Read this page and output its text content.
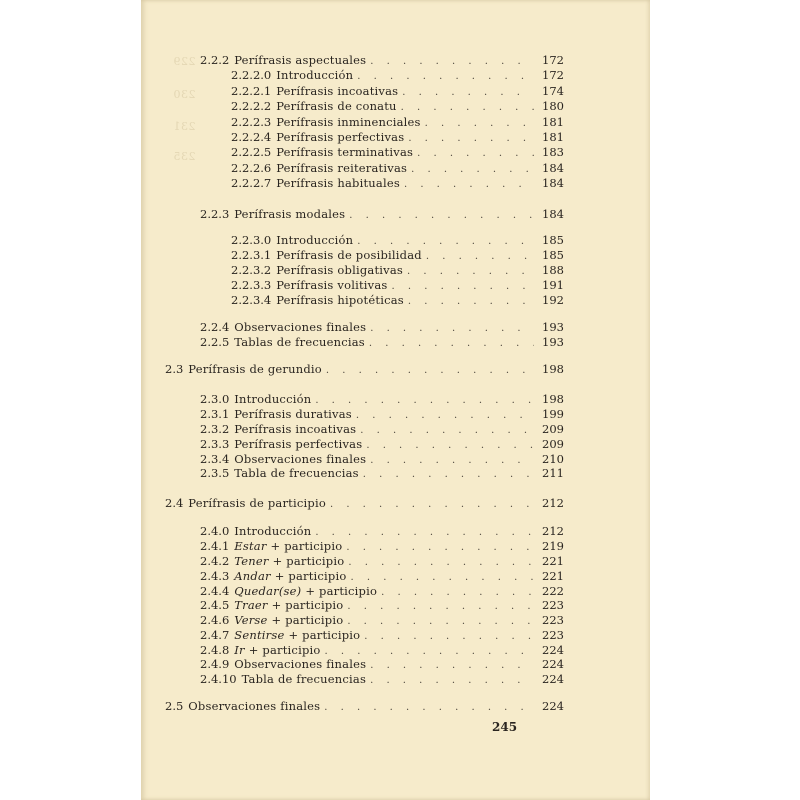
229
230
231
235
2.2.2 Perífrasis aspectuales . . .	172
2.2.2.0 Introducción . . .	172
2.2.2.1 Perífrasis incoativas . . .	174
2.2.2.2 Perífrasis de conatu . . .	180
2.2.2.3 Perífrasis inminenciales . . .	181
2.2.2.4 Perífrasis perfectivas . . .	181
2.2.2.5 Perífrasis terminativas . . .	183
2.2.2.6 Perífrasis reiterativas . . .	184
2.2.2.7 Perífrasis habituales . . .	184
2.2.3 Perífrasis modales . . .	184
2.2.3.0 Introducción . . .	185
2.2.3.1 Perífrasis de posibilidad . . .	185
2.2.3.2 Perífrasis obligativas . . .	188
2.2.3.3 Perífrasis volitivas . . .	191
2.2.3.4 Perífrasis hipotéticas . . .	192
2.2.4 Observaciones finales . . .	193
2.2.5 Tablas de frecuencias . . .	193
2.3 Perífrasis de gerundio . . .	198
2.3.0 Introducción . . .	198
2.3.1 Perífrasis durativas . . .	199
2.3.2 Perífrasis incoativas . . .	209
2.3.3 Perífrasis perfectivas . . .	209
2.3.4 Observaciones finales . . .	210
2.3.5 Tabla de frecuencias . . .	211
2.4 Perífrasis de participio . . .	212
2.4.0 Introducción . . .	212
2.4.1 Estar + participio . . .	219
2.4.2 Tener + participio . . .	221
2.4.3 Andar + participio . . .	221
2.4.4 Quedar(se) + participio . . .	222
2.4.5 Traer + participio . . .	223
2.4.6 Verse + participio . . .	223
2.4.7 Sentirse + participio . . .	223
2.4.8 Ir + participio . . .	224
2.4.9 Observaciones finales . . .	224
2.4.10 Tabla de frecuencias . . .	224
2.5 Observaciones finales . . .	224
245
